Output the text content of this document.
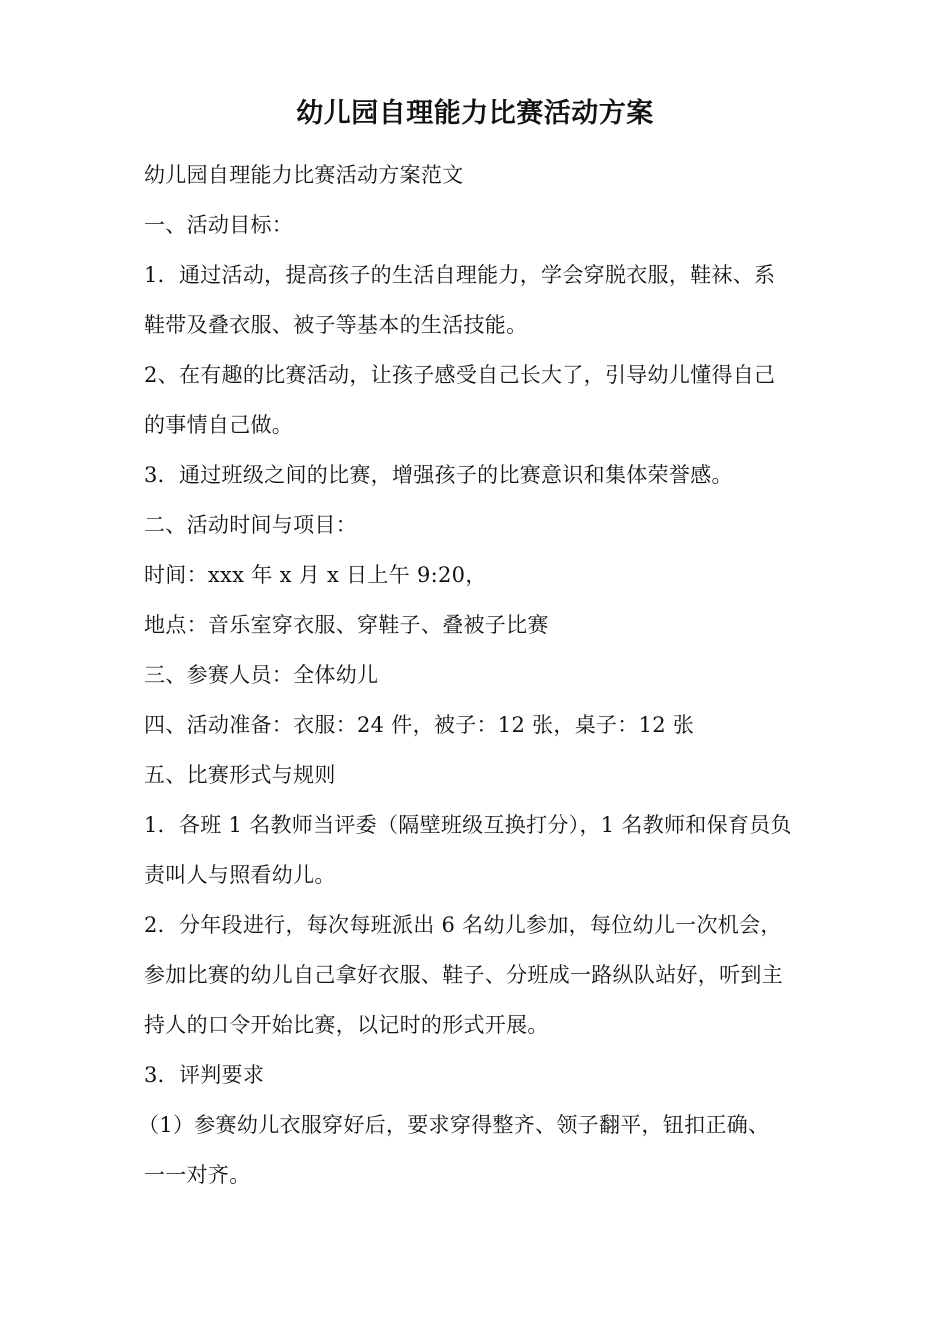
幼儿园自理能力比赛活动方案
幼儿园自理能力比赛活动方案范文
一、活动目标：
1．通过活动，提高孩子的生活自理能力，学会穿脱衣服，鞋袜、系
鞋带及叠衣服、被子等基本的生活技能。
2、在有趣的比赛活动，让孩子感受自己长大了，引导幼儿懂得自己
的事情自己做。
3．通过班级之间的比赛，增强孩子的比赛意识和集体荣誉感。
二、活动时间与项目：
时间：xxx 年 x 月 x 日上午 9:20，
地点：音乐室穿衣服、穿鞋子、叠被子比赛
三、参赛人员：全体幼儿
四、活动准备：衣服：24 件，被子：12 张，桌子：12 张
五、比赛形式与规则
1．各班 1 名教师当评委（隔壁班级互换打分），1 名教师和保育员负
责叫人与照看幼儿。
2．分年段进行，每次每班派出 6 名幼儿参加，每位幼儿一次机会，
参加比赛的幼儿自己拿好衣服、鞋子、分班成一路纵队站好，听到主
持人的口令开始比赛，以记时的形式开展。
3．评判要求
（1）参赛幼儿衣服穿好后，要求穿得整齐、领子翻平，钮扣正确、
一一对齐。
